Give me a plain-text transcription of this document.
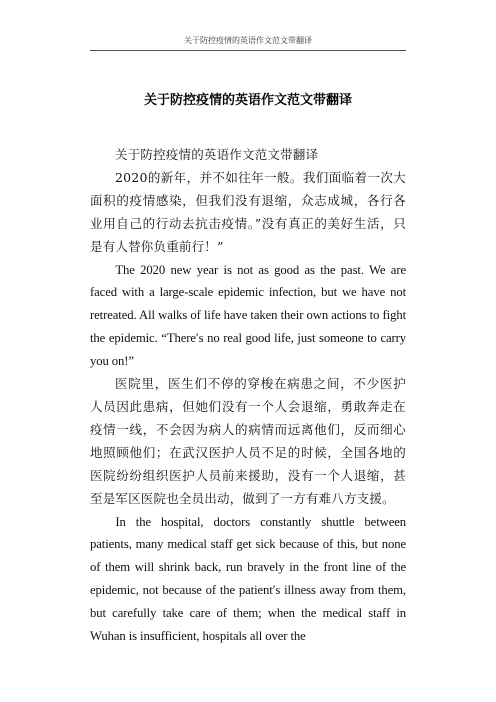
关于防控疫情的英语作文范文带翻译
关于防控疫情的英语作文范文带翻译

关于防控疫情的英语作文范文带翻译

2020的新年，并不如往年一般。我们面临着一次大面积的疫情感染，但我们没有退缩，众志成城，各行各业用自己的行动去抗击疫情。”没有真正的美好生活，只是有人替你负重前行！”

The 2020 new year is not as good as the past. We are faced with a large-scale epidemic infection, but we have not retreated. All walks of life have taken their own actions to fight the epidemic. “There′s no real good life, just someone to carry you on!”

医院里，医生们不停的穿梭在病患之间，不少医护人员因此患病，但她们没有一个人会退缩，勇敢奔走在疫情一线，不会因为病人的病情而远离他们，反而细心地照顾他们；在武汉医护人员不足的时候，全国各地的医院纷纷组织医护人员前来援助，没有一个人退缩，甚至是军区医院也全员出动，做到了一方有难八方支援。

In the hospital, doctors constantly shuttle between patients, many medical staff get sick because of this, but none of them will shrink back, run bravely in the front line of the epidemic, not because of the patient′s illness away from them, but carefully take care of them; when the medical staff in Wuhan is insufficient, hospitals all over the
